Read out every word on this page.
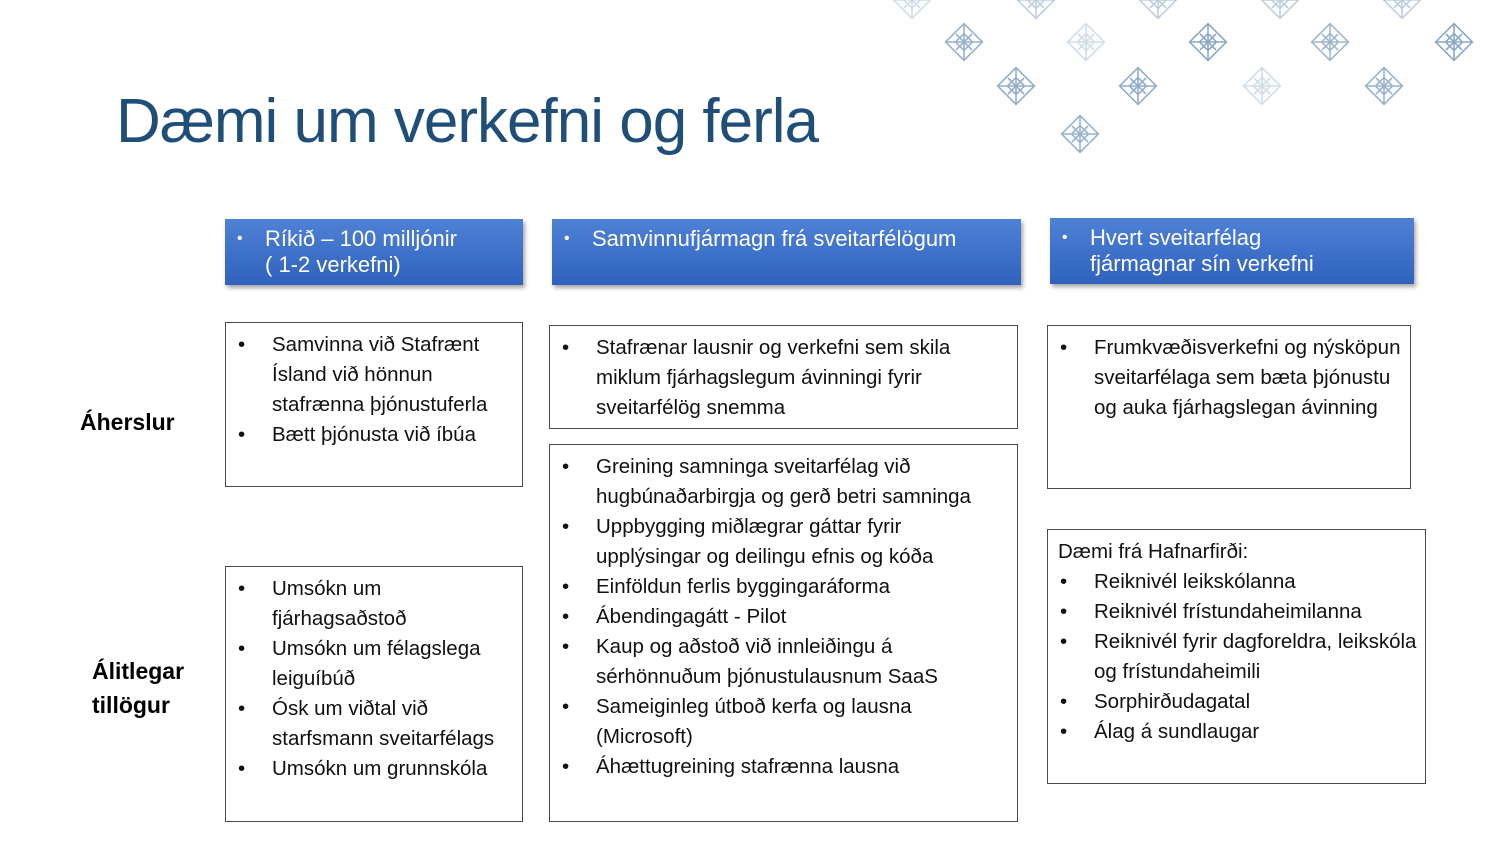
Dæmi um verkefni og ferla
Áherslur
Álitlegar
tillögur
• Ríkið – 100 milljónir
( 1-2 verkefni)
• Samvinna við Stafrænt Ísland við hönnun stafrænna þjónustuferla
• Bætt þjónusta við íbúa
• Umsókn um fjárhagsaðstoð
• Umsókn um félagslega leiguíbúð
• Ósk um viðtal við starfsmann sveitarfélags
• Umsókn um grunnskóla
• Samvinnufjármagn frá sveitarfélögum
• Stafrænar lausnir og verkefni sem skila miklum fjárhagslegum ávinningi fyrir sveitarfélög snemma
• Greining samninga sveitarfélag við hugbúnaðarbirgja og gerð betri samninga
• Uppbygging miðlægrar gáttar fyrir upplýsingar og deilingu efnis og kóða
• Einföldun ferlis byggingaráforma
• Ábendingagátt - Pilot
• Kaup og aðstoð við innleiðingu á sérhönnuðum þjónustulausnum SaaS
• Sameiginleg útboð kerfa og lausna (Microsoft)
• Áhættugreining stafrænna lausna
• Hvert sveitarfélag
fjármagnar sín verkefni
• Frumkvæðisverkefni og nýsköpun sveitarfélaga sem bæta þjónustu og auka fjárhagslegan ávinning

Dæmi frá Hafnarfirði:

• Reiknivél leikskólanna
• Reiknivél frístundaheimilanna
• Reiknivél fyrir dagforeldra, leikskóla og frístundaheimili
• Sorphirðudagatal
• Álag á sundlaugar
